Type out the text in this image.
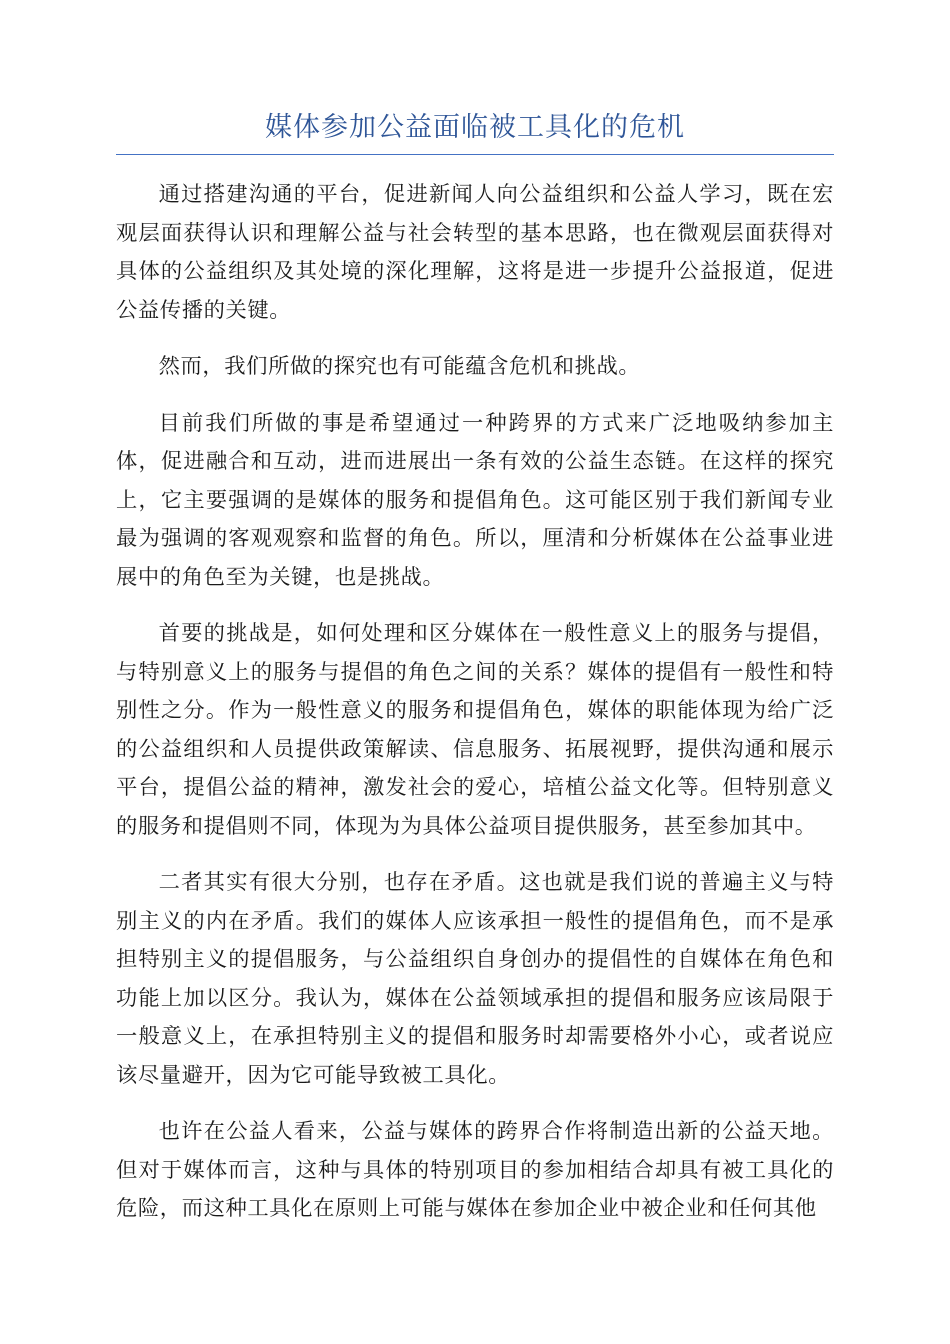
媒体参加公益面临被工具化的危机

通过搭建沟通的平台，促进新闻人向公益组织和公益人学习，既在宏观层面获得认识和理解公益与社会转型的基本思路，也在微观层面获得对具体的公益组织及其处境的深化理解，这将是进一步提升公益报道，促进公益传播的关键。

然而，我们所做的探究也有可能蕴含危机和挑战。

目前我们所做的事是希望通过一种跨界的方式来广泛地吸纳参加主体，促进融合和互动，进而进展出一条有效的公益生态链。在这样的探究上，它主要强调的是媒体的服务和提倡角色。这可能区别于我们新闻专业最为强调的客观观察和监督的角色。所以，厘清和分析媒体在公益事业进展中的角色至为关键，也是挑战。

首要的挑战是，如何处理和区分媒体在一般性意义上的服务与提倡，与特别意义上的服务与提倡的角色之间的关系？媒体的提倡有一般性和特别性之分。作为一般性意义的服务和提倡角色，媒体的职能体现为给广泛的公益组织和人员提供政策解读、信息服务、拓展视野，提供沟通和展示平台，提倡公益的精神，激发社会的爱心，培植公益文化等。但特别意义的服务和提倡则不同，体现为为具体公益项目提供服务，甚至参加其中。

二者其实有很大分别，也存在矛盾。这也就是我们说的普遍主义与特别主义的内在矛盾。我们的媒体人应该承担一般性的提倡角色，而不是承担特别主义的提倡服务，与公益组织自身创办的提倡性的自媒体在角色和功能上加以区分。我认为，媒体在公益领域承担的提倡和服务应该局限于一般意义上，在承担特别主义的提倡和服务时却需要格外小心，或者说应该尽量避开，因为它可能导致被工具化。

也许在公益人看来，公益与媒体的跨界合作将制造出新的公益天地。但对于媒体而言，这种与具体的特别项目的参加相结合却具有被工具化的危险，而这种工具化在原则上可能与媒体在参加企业中被企业和任何其他
